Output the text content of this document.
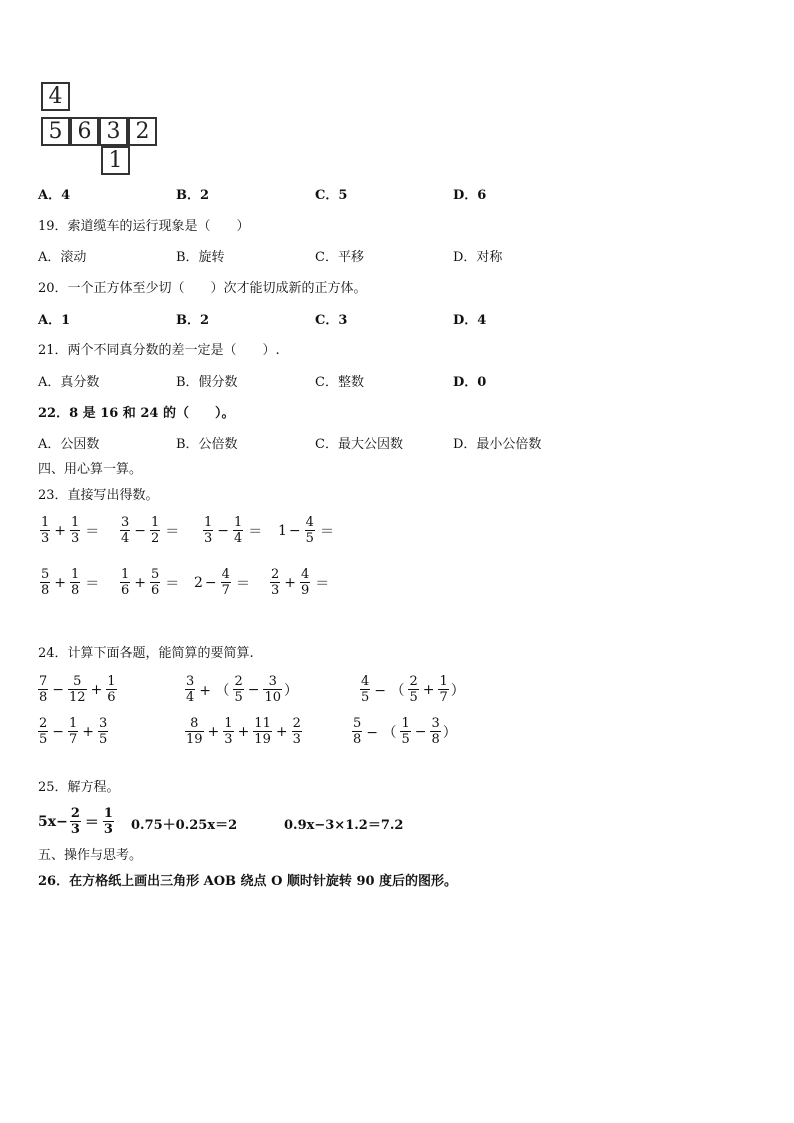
4
5 6 3 2
1
A．4	B．2	C．5	D．6
19．索道缆车的运行现象是（　　）
A．滚动	B．旋转	C．平移	D．对称
20．一个正方体至少切（　　）次才能切成新的正方体。
A．1	B．2	C．3	D．4
21．两个不同真分数的差一定是（　　）.
A．真分数	B．假分数	C．整数	D．0
22．8 是 16 和 24 的（　　）。
A．公因数	B．公倍数	C．最大公因数	D．最小公倍数
四、用心算一算。
23．直接写出得数。
$\frac{1}{3} + \frac{1}{3} = \frac{3}{4} - \frac{1}{2} = \frac{1}{3} - \frac{1}{4} = 1 - \frac{4}{5}$ ＝
$\frac{5}{8} + \frac{1}{8} = \frac{1}{6} + \frac{5}{6} = 2 - \frac{4}{7} = \frac{2}{3} + \frac{4}{9}$ ＝
24．计算下面各题，能简算的要简算.
$\frac{7}{8} - \frac{5}{12} + \frac{1}{6}$	$\frac{3}{4}$ + （ $\frac{2}{5} - \frac{3}{10}$ ）	$\frac{4}{5}$ − （ $\frac{2}{5} + \frac{1}{7}$ ）
$\frac{2}{5} - \frac{1}{7} + \frac{3}{5}$	$\frac{8}{19} + \frac{1}{3} + \frac{11}{19} + \frac{2}{3}$	$\frac{5}{8}$ − （ $\frac{1}{5} - \frac{3}{8}$ ）
25．解方程。
$5x- \frac{2}{3} = \frac{1}{3} 0.75+0.25x=2$	0.9x−3×1.2＝7.2
五、操作与思考。
26．在方格纸上画出三角形 AOB 绕点 O 顺时针旋转 90 度后的图形。
